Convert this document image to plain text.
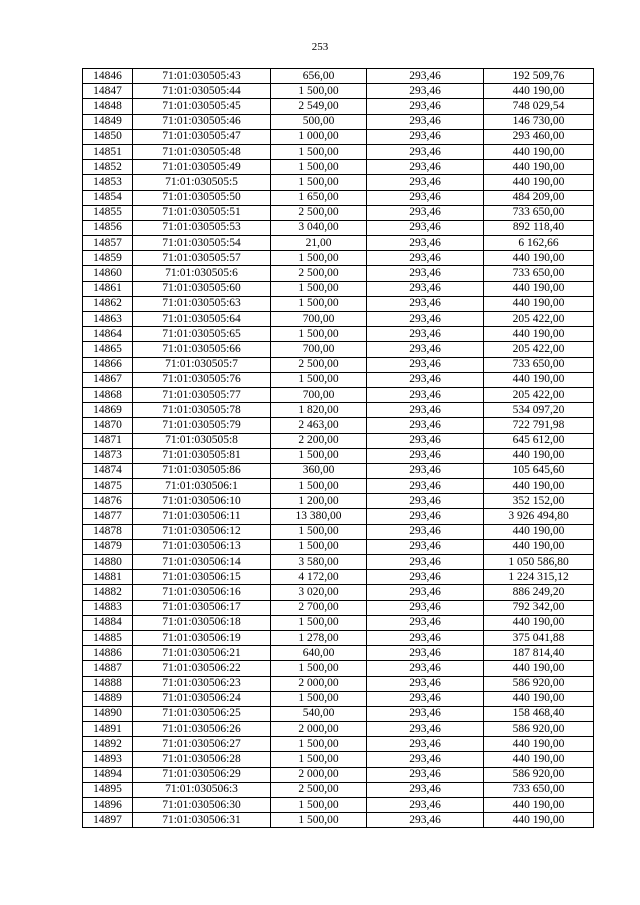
253
14846	71:01:030505:43	656,00	293,46	192 509,76
14847	71:01:030505:44	1 500,00	293,46	440 190,00
14848	71:01:030505:45	2 549,00	293,46	748 029,54
14849	71:01:030505:46	500,00	293,46	146 730,00
14850	71:01:030505:47	1 000,00	293,46	293 460,00
14851	71:01:030505:48	1 500,00	293,46	440 190,00
14852	71:01:030505:49	1 500,00	293,46	440 190,00
14853	71:01:030505:5	1 500,00	293,46	440 190,00
14854	71:01:030505:50	1 650,00	293,46	484 209,00
14855	71:01:030505:51	2 500,00	293,46	733 650,00
14856	71:01:030505:53	3 040,00	293,46	892 118,40
14857	71:01:030505:54	21,00	293,46	6 162,66
14859	71:01:030505:57	1 500,00	293,46	440 190,00
14860	71:01:030505:6	2 500,00	293,46	733 650,00
14861	71:01:030505:60	1 500,00	293,46	440 190,00
14862	71:01:030505:63	1 500,00	293,46	440 190,00
14863	71:01:030505:64	700,00	293,46	205 422,00
14864	71:01:030505:65	1 500,00	293,46	440 190,00
14865	71:01:030505:66	700,00	293,46	205 422,00
14866	71:01:030505:7	2 500,00	293,46	733 650,00
14867	71:01:030505:76	1 500,00	293,46	440 190,00
14868	71:01:030505:77	700,00	293,46	205 422,00
14869	71:01:030505:78	1 820,00	293,46	534 097,20
14870	71:01:030505:79	2 463,00	293,46	722 791,98
14871	71:01:030505:8	2 200,00	293,46	645 612,00
14873	71:01:030505:81	1 500,00	293,46	440 190,00
14874	71:01:030505:86	360,00	293,46	105 645,60
14875	71:01:030506:1	1 500,00	293,46	440 190,00
14876	71:01:030506:10	1 200,00	293,46	352 152,00
14877	71:01:030506:11	13 380,00	293,46	3 926 494,80
14878	71:01:030506:12	1 500,00	293,46	440 190,00
14879	71:01:030506:13	1 500,00	293,46	440 190,00
14880	71:01:030506:14	3 580,00	293,46	1 050 586,80
14881	71:01:030506:15	4 172,00	293,46	1 224 315,12
14882	71:01:030506:16	3 020,00	293,46	886 249,20
14883	71:01:030506:17	2 700,00	293,46	792 342,00
14884	71:01:030506:18	1 500,00	293,46	440 190,00
14885	71:01:030506:19	1 278,00	293,46	375 041,88
14886	71:01:030506:21	640,00	293,46	187 814,40
14887	71:01:030506:22	1 500,00	293,46	440 190,00
14888	71:01:030506:23	2 000,00	293,46	586 920,00
14889	71:01:030506:24	1 500,00	293,46	440 190,00
14890	71:01:030506:25	540,00	293,46	158 468,40
14891	71:01:030506:26	2 000,00	293,46	586 920,00
14892	71:01:030506:27	1 500,00	293,46	440 190,00
14893	71:01:030506:28	1 500,00	293,46	440 190,00
14894	71:01:030506:29	2 000,00	293,46	586 920,00
14895	71:01:030506:3	2 500,00	293,46	733 650,00
14896	71:01:030506:30	1 500,00	293,46	440 190,00
14897	71:01:030506:31	1 500,00	293,46	440 190,00
